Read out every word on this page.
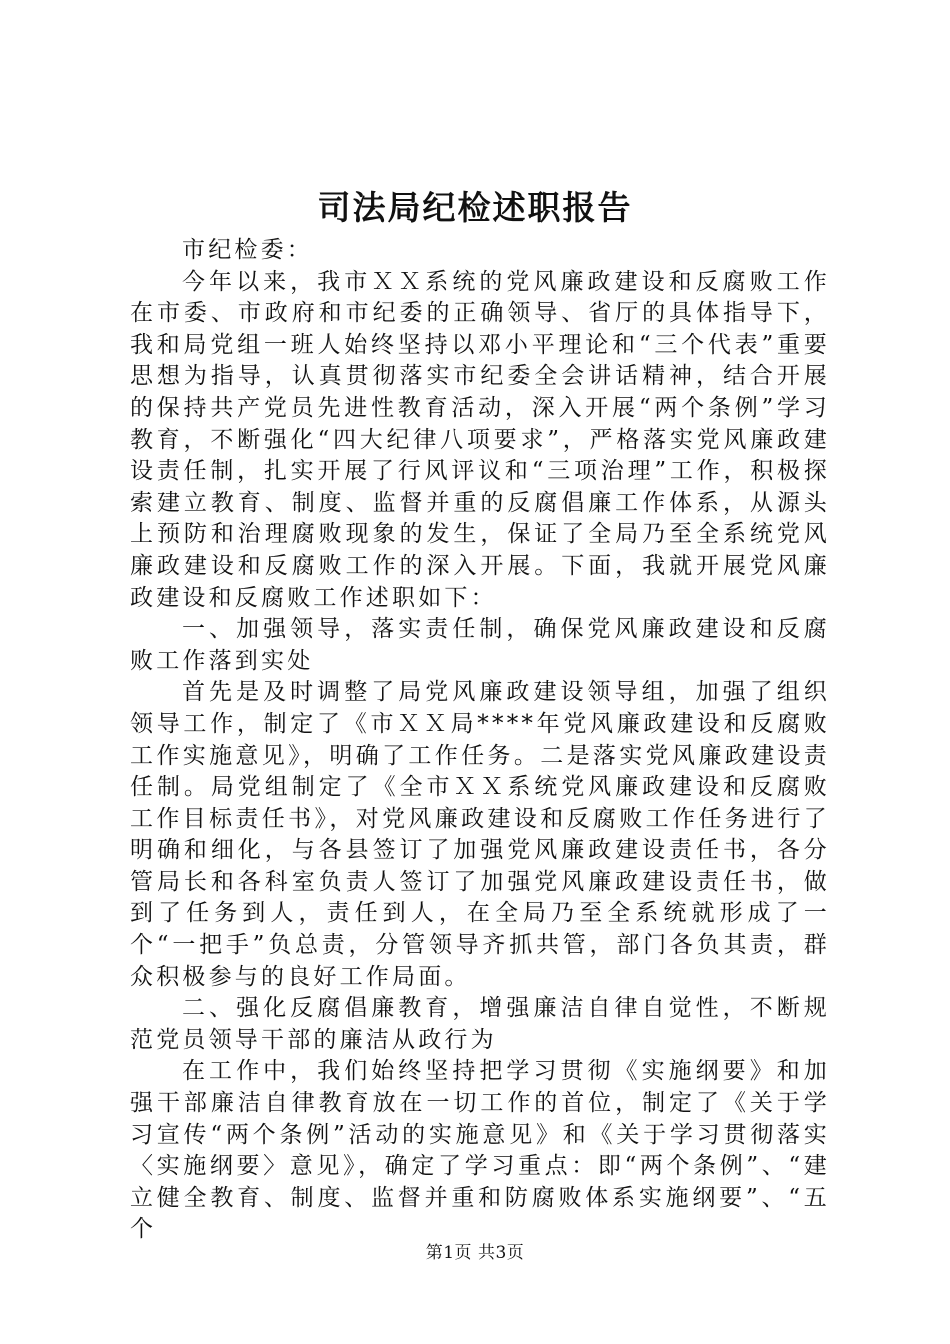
司法局纪检述职报告

市纪检委：

今年以来，我市ＸＸ系统的党风廉政建设和反腐败工作在市委、市政府和市纪委的正确领导、省厅的具体指导下，我和局党组一班人始终坚持以邓小平理论和“三个代表”重要思想为指导，认真贯彻落实市纪委全会讲话精神，结合开展的保持共产党员先进性教育活动，深入开展“两个条例”学习教育，不断强化“四大纪律八项要求”，严格落实党风廉政建设责任制，扎实开展了行风评议和“三项治理”工作，积极探索建立教育、制度、监督并重的反腐倡廉工作体系，从源头上预防和治理腐败现象的发生，保证了全局乃至全系统党风廉政建设和反腐败工作的深入开展。下面，我就开展党风廉政建设和反腐败工作述职如下：

一、加强领导，落实责任制，确保党风廉政建设和反腐败工作落到实处

首先是及时调整了局党风廉政建设领导组，加强了组织领导工作，制定了《市ＸＸ局****年党风廉政建设和反腐败工作实施意见》，明确了工作任务。二是落实党风廉政建设责任制。局党组制定了《全市ＸＸ系统党风廉政建设和反腐败工作目标责任书》，对党风廉政建设和反腐败工作任务进行了明确和细化，与各县签订了加强党风廉政建设责任书，各分管局长和各科室负责人签订了加强党风廉政建设责任书，做到了任务到人，责任到人，在全局乃至全系统就形成了一个“一把手”负总责，分管领导齐抓共管，部门各负其责，群众积极参与的良好工作局面。

二、强化反腐倡廉教育，增强廉洁自律自觉性，不断规范党员领导干部的廉洁从政行为

在工作中，我们始终坚持把学习贯彻《实施纲要》和加强干部廉洁自律教育放在一切工作的首位，制定了《关于学习宣传“两个条例”活动的实施意见》和《关于学习贯彻落实〈实施纲要〉意见》，确定了学习重点：即“两个条例”、“建立健全教育、制度、监督并重和防腐败体系实施纲要”、“五个

第1页 共3页
